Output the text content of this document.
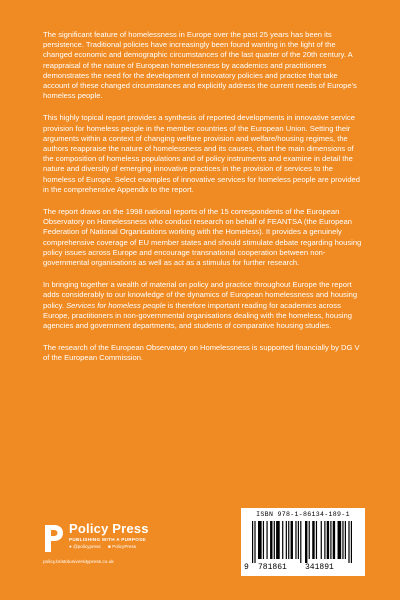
The significant feature of homelessness in Europe over the past 25 years has been its persistence. Traditional policies have increasingly been found wanting in the light of the changed economic and demographic circumstances of the last quarter of the 20th century. A reappraisal of the nature of European homelessness by academics and practitioners demonstrates the need for the development of innovatory policies and practice that take account of these changed circumstances and explicitly address the current needs of Europe's homeless people.

This highly topical report provides a synthesis of reported developments in innovative service provision for homeless people in the member countries of the European Union. Setting their arguments within a context of changing welfare provision and welfare/housing regimes, the authors reappraise the nature of homelessness and its causes, chart the main dimensions of the composition of homeless populations and of policy instruments and examine in detail the nature and diversity of emerging innovative practices in the provision of services to the homeless of Europe. Select examples of innovative services for homeless people are provided in the comprehensive Appendix to the report.

The report draws on the 1998 national reports of the 15 correspondents of the European Observatory on Homelessness who conduct research on behalf of FEANTSA (the European Federation of National Organisations working with the Homeless). It provides a genuinely comprehensive coverage of EU member states and should stimulate debate regarding housing policy issues across Europe and encourage transnational cooperation between non-governmental organisations as well as act as a stimulus for further research.

In bringing together a wealth of material on policy and practice throughout Europe the report adds considerably to our knowledge of the dynamics of European homelessness and housing policy. Services for homeless people is therefore important reading for academics across Europe, practitioners in non-governmental organisations dealing with the homeless, housing agencies and government departments, and students of comparative housing studies.

The research of the European Observatory on Homelessness is supported financially by DG V of the European Commission.

Policy Press
PUBLISHING WITH A PURPOSE
● @policypress ■ PolicyPress
policy.bristoluniversitypress.co.uk
ISBN 978-1-86134-189-1
9 781861 341891
